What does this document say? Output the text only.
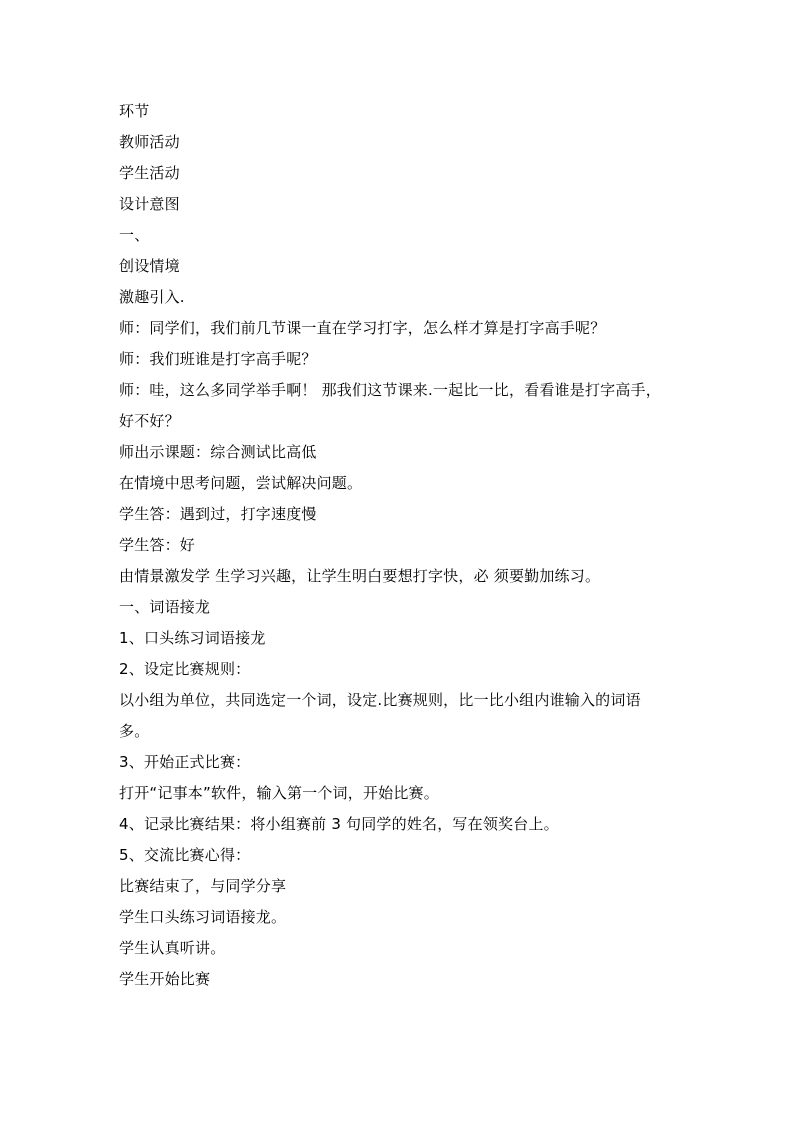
环节
教师活动
学生活动
设计意图
一、
创设情境
激趣引入.
师：同学们，我们前几节课一直在学习打字，怎么样才算是打字高手呢？
师：我们班谁是打字高手呢？
师：哇，这么多同学举手啊！ 那我们这节课来.一起比一比，看看谁是打字高手，
好不好？
师出示课题：综合测试比高低
在情境中思考问题，尝试解决问题。
学生答：遇到过，打字速度慢
学生答：好
由情景激发学 生学习兴趣，让学生明白要想打字快，必 须要勤加练习。
一、词语接龙
1、口头练习词语接龙
2、设定比赛规则：
以小组为单位，共同选定一个词，设定.比赛规则，比一比小组内谁输入的词语
多。
3、开始正式比赛：
打开“记事本”软件，输入第一个词，开始比赛。
4、记录比赛结果：将小组赛前 3 句同学的姓名，写在领奖台上。
5、交流比赛心得：
比赛结束了，与同学分享
学生口头练习词语接龙。
学生认真听讲。
学生开始比赛
